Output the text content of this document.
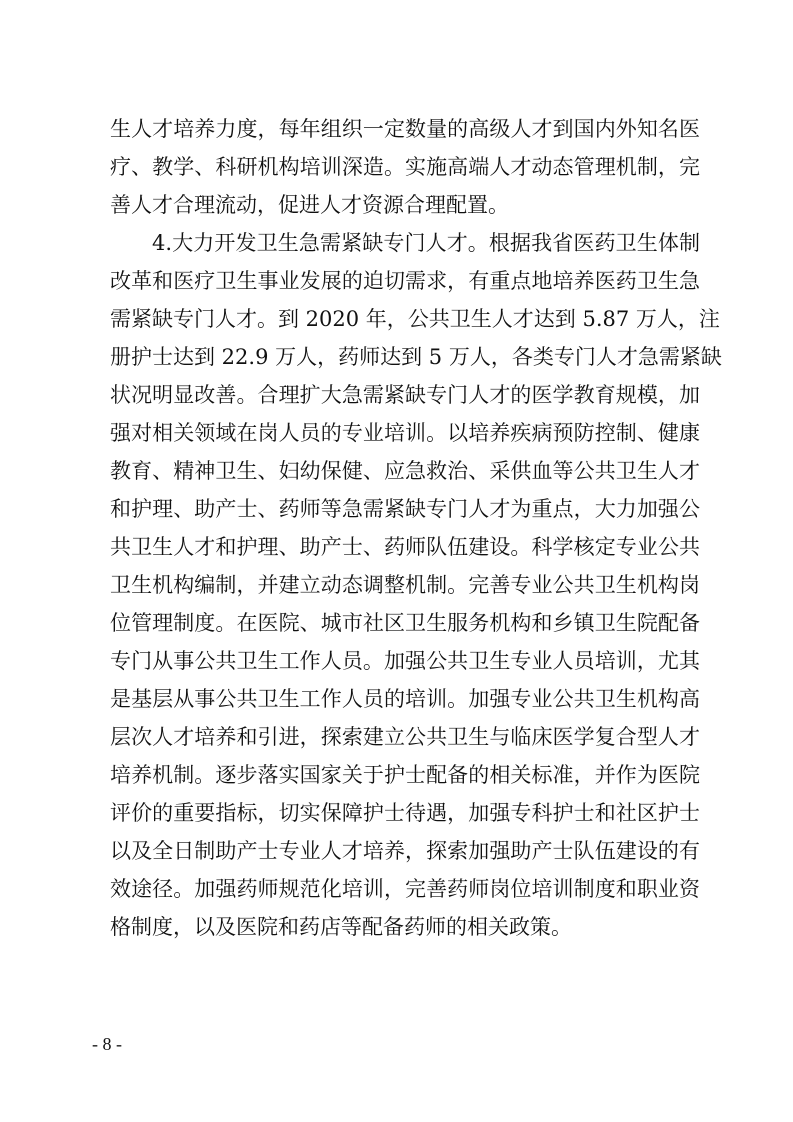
生人才培养力度，每年组织一定数量的高级人才到国内外知名医
疗、教学、科研机构培训深造。实施高端人才动态管理机制，完
善人才合理流动，促进人才资源合理配置。
4.大力开发卫生急需紧缺专门人才。根据我省医药卫生体制
改革和医疗卫生事业发展的迫切需求，有重点地培养医药卫生急
需紧缺专门人才。到 2020 年，公共卫生人才达到 5.87 万人，注
册护士达到 22.9 万人，药师达到 5 万人，各类专门人才急需紧缺
状况明显改善。合理扩大急需紧缺专门人才的医学教育规模，加
强对相关领域在岗人员的专业培训。以培养疾病预防控制、健康
教育、精神卫生、妇幼保健、应急救治、采供血等公共卫生人才
和护理、助产士、药师等急需紧缺专门人才为重点，大力加强公
共卫生人才和护理、助产士、药师队伍建设。科学核定专业公共
卫生机构编制，并建立动态调整机制。完善专业公共卫生机构岗
位管理制度。在医院、城市社区卫生服务机构和乡镇卫生院配备
专门从事公共卫生工作人员。加强公共卫生专业人员培训，尤其
是基层从事公共卫生工作人员的培训。加强专业公共卫生机构高
层次人才培养和引进，探索建立公共卫生与临床医学复合型人才
培养机制。逐步落实国家关于护士配备的相关标准，并作为医院
评价的重要指标，切实保障护士待遇，加强专科护士和社区护士
以及全日制助产士专业人才培养，探索加强助产士队伍建设的有
效途径。加强药师规范化培训，完善药师岗位培训制度和职业资
格制度，以及医院和药店等配备药师的相关政策。
- 8 -
